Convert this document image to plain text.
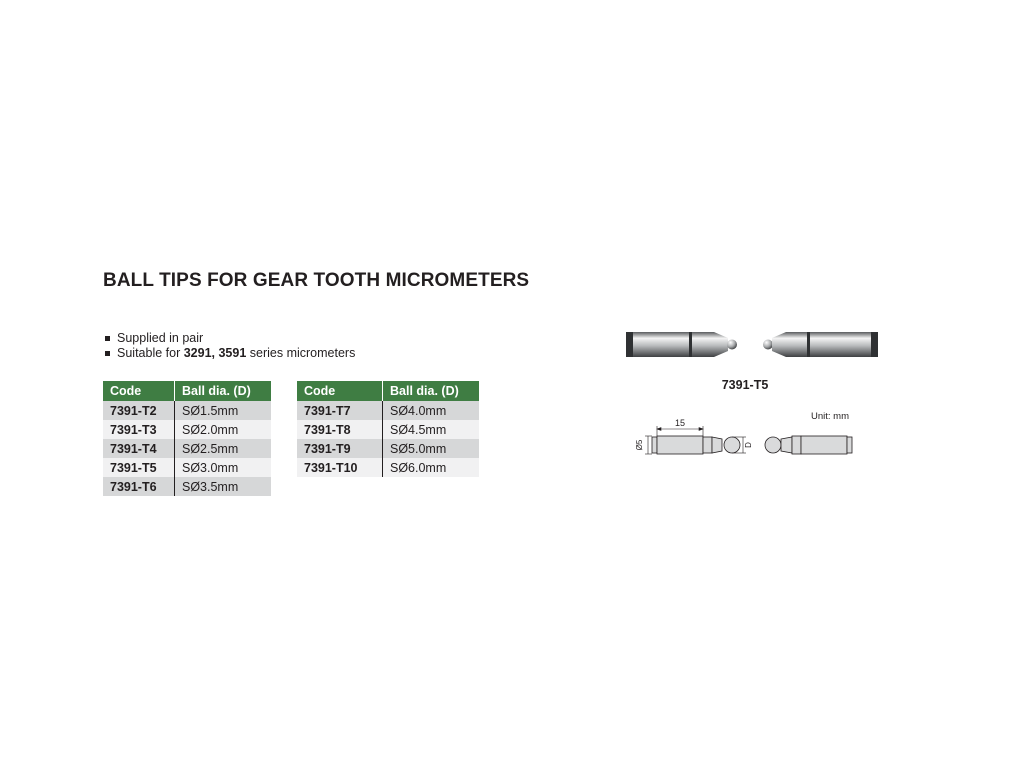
BALL TIPS FOR GEAR TOOTH MICROMETERS
Supplied in pair
Suitable for 3291, 3591 series micrometers
Code	Ball dia. (D)
7391-T2	SØ1.5mm
7391-T3	SØ2.0mm
7391-T4	SØ2.5mm
7391-T5	SØ3.0mm
7391-T6	SØ3.5mm
Code	Ball dia. (D)
7391-T7	SØ4.0mm
7391-T8	SØ4.5mm
7391-T9	SØ5.0mm
7391-T10	SØ6.0mm
7391-T5
Unit: mm
15
Ø5	D
